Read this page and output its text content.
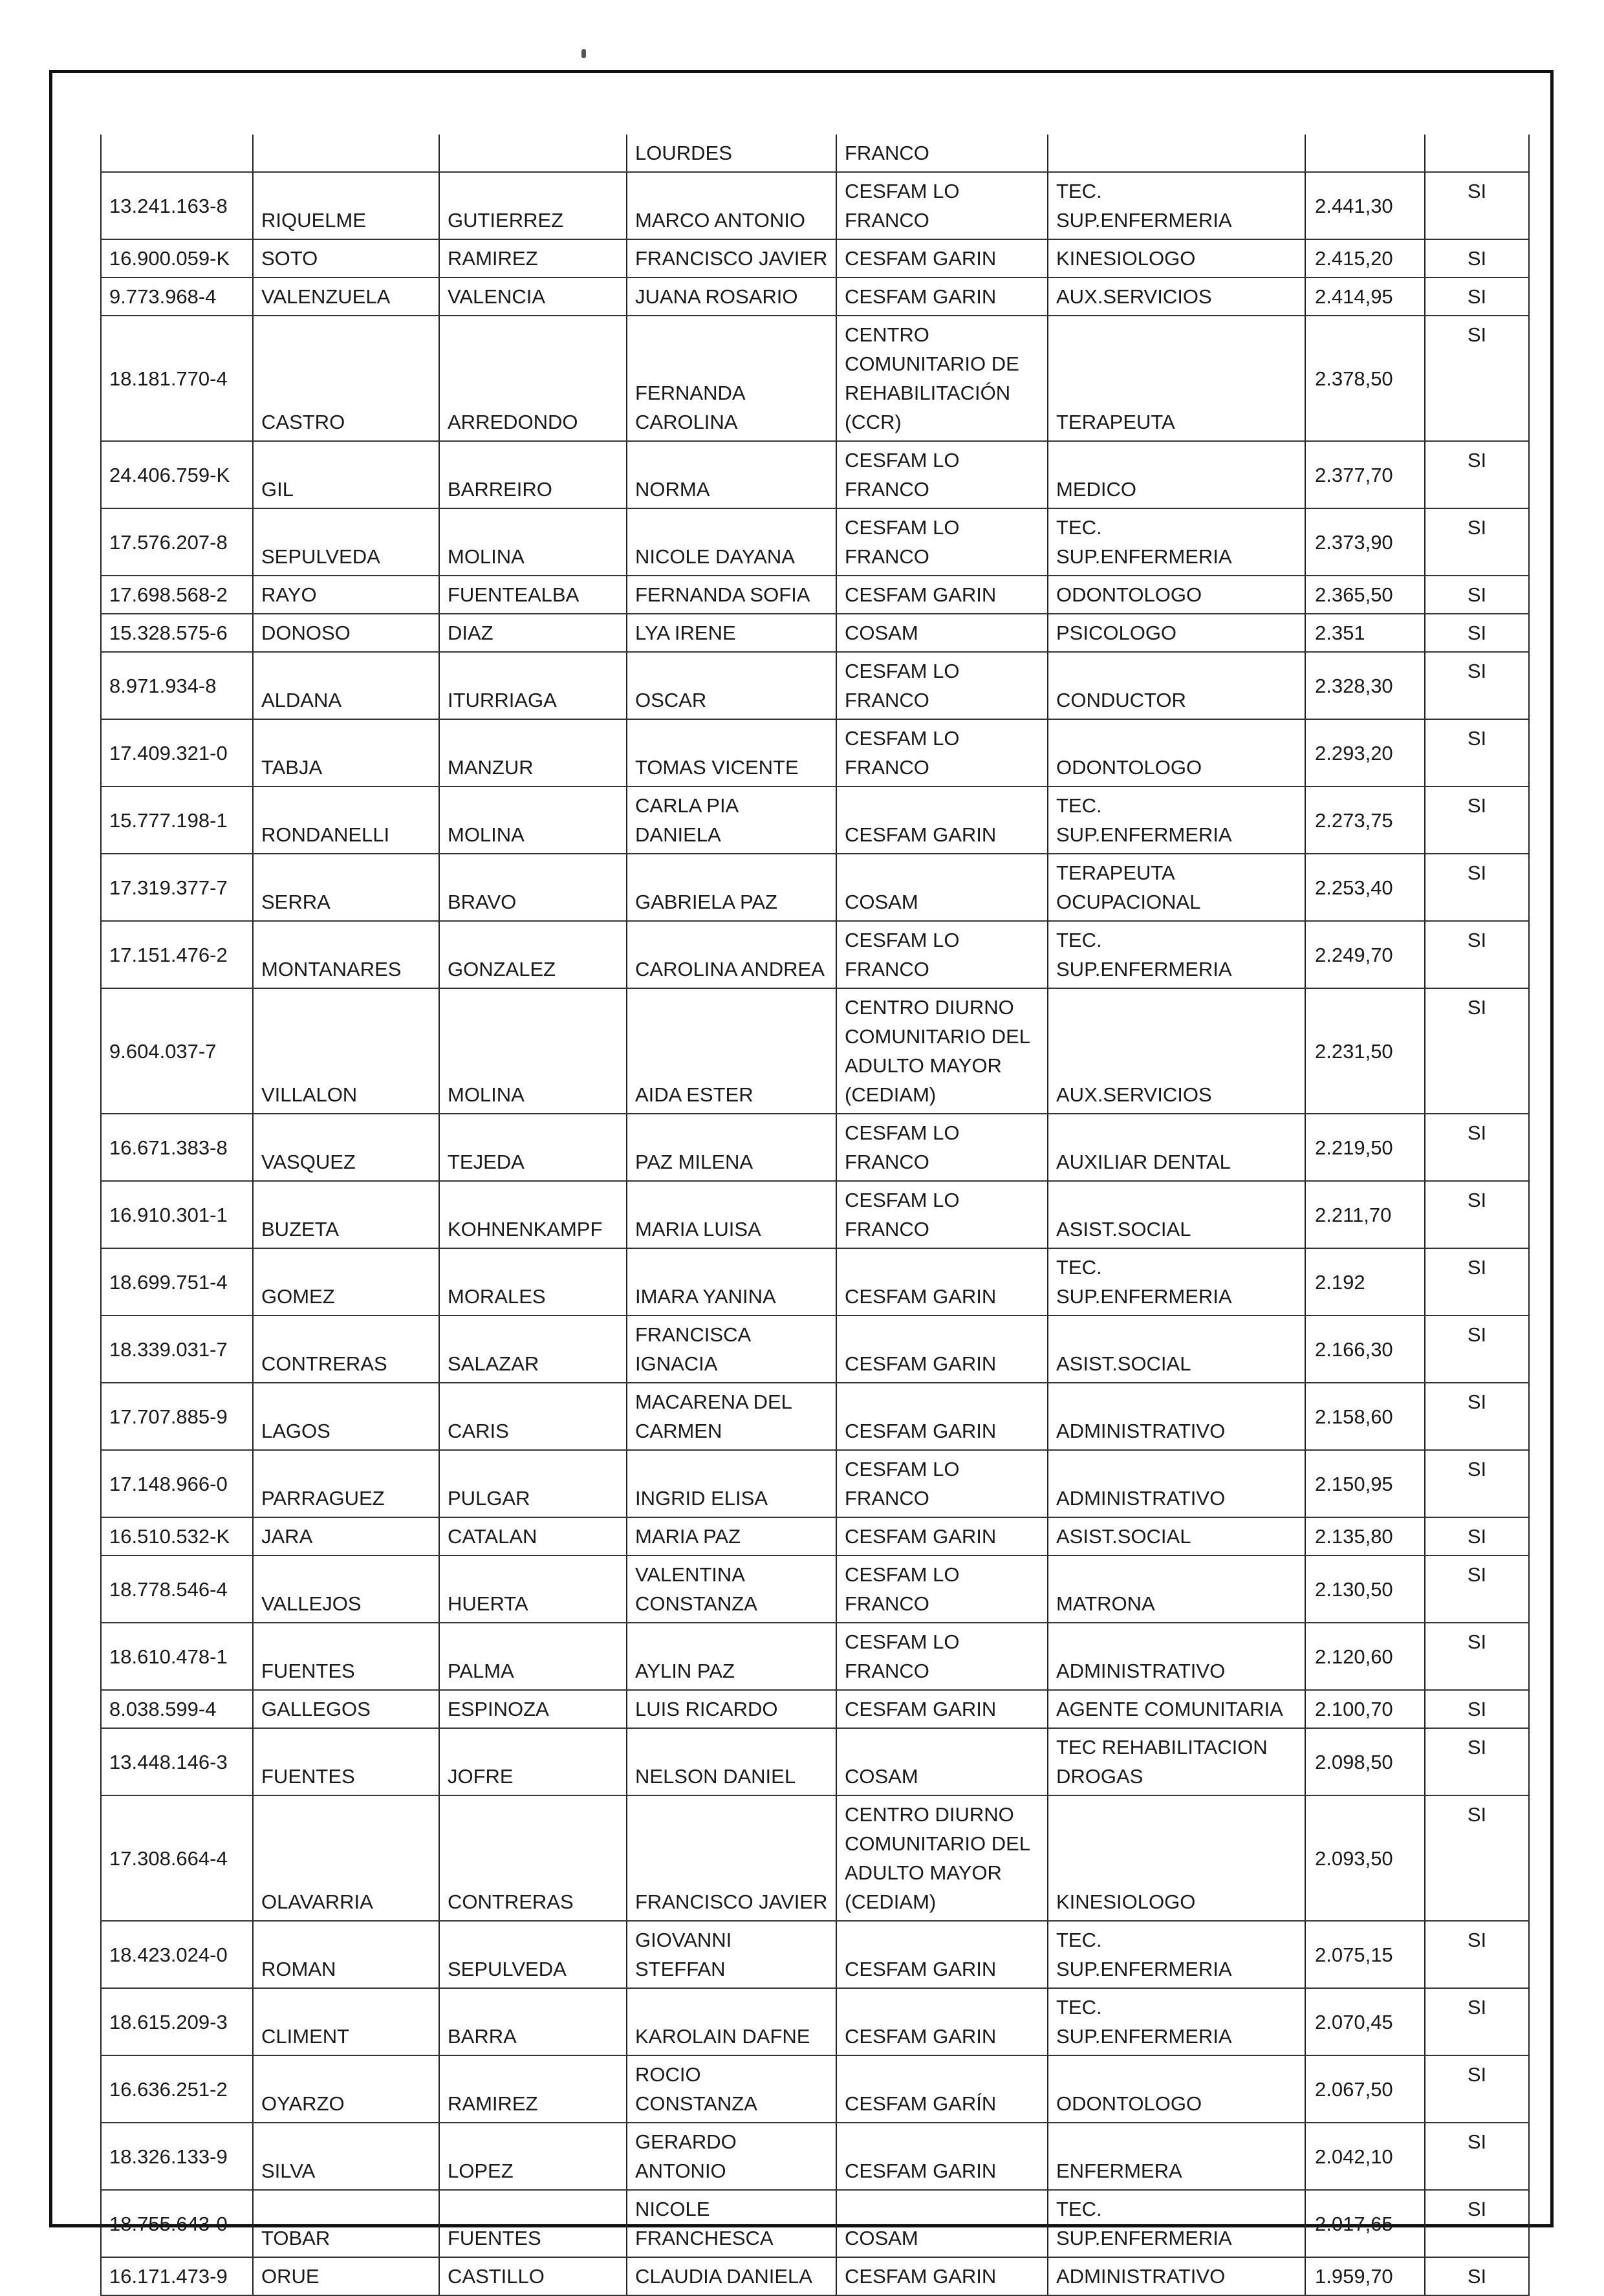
			LOURDES	FRANCO			
13.241.163-8	RIQUELME	GUTIERREZ	MARCO ANTONIO	CESFAM LO
FRANCO	TEC.
SUP.ENFERMERIA	2.441,30	SI
16.900.059-K	SOTO	RAMIREZ	FRANCISCO JAVIER	CESFAM GARIN	KINESIOLOGO	2.415,20	SI
9.773.968-4	VALENZUELA	VALENCIA	JUANA ROSARIO	CESFAM GARIN	AUX.SERVICIOS	2.414,95	SI
18.181.770-4	CASTRO	ARREDONDO	FERNANDA
CAROLINA	CENTRO
COMUNITARIO DE
REHABILITACIÓN
(CCR)	TERAPEUTA	2.378,50	SI
24.406.759-K	GIL	BARREIRO	NORMA	CESFAM LO
FRANCO	MEDICO	2.377,70	SI
17.576.207-8	SEPULVEDA	MOLINA	NICOLE DAYANA	CESFAM LO
FRANCO	TEC.
SUP.ENFERMERIA	2.373,90	SI
17.698.568-2	RAYO	FUENTEALBA	FERNANDA SOFIA	CESFAM GARIN	ODONTOLOGO	2.365,50	SI
15.328.575-6	DONOSO	DIAZ	LYA IRENE	COSAM	PSICOLOGO	2.351	SI
8.971.934-8	ALDANA	ITURRIAGA	OSCAR	CESFAM LO
FRANCO	CONDUCTOR	2.328,30	SI
17.409.321-0	TABJA	MANZUR	TOMAS VICENTE	CESFAM LO
FRANCO	ODONTOLOGO	2.293,20	SI
15.777.198-1	RONDANELLI	MOLINA	CARLA PIA
DANIELA	CESFAM GARIN	TEC.
SUP.ENFERMERIA	2.273,75	SI
17.319.377-7	SERRA	BRAVO	GABRIELA PAZ	COSAM	TERAPEUTA
OCUPACIONAL	2.253,40	SI
17.151.476-2	MONTANARES	GONZALEZ	CAROLINA ANDREA	CESFAM LO
FRANCO	TEC.
SUP.ENFERMERIA	2.249,70	SI
9.604.037-7	VILLALON	MOLINA	AIDA ESTER	CENTRO DIURNO
COMUNITARIO DEL
ADULTO MAYOR
(CEDIAM)	AUX.SERVICIOS	2.231,50	SI
16.671.383-8	VASQUEZ	TEJEDA	PAZ MILENA	CESFAM LO
FRANCO	AUXILIAR DENTAL	2.219,50	SI
16.910.301-1	BUZETA	KOHNENKAMPF	MARIA LUISA	CESFAM LO
FRANCO	ASIST.SOCIAL	2.211,70	SI
18.699.751-4	GOMEZ	MORALES	IMARA YANINA	CESFAM GARIN	TEC.
SUP.ENFERMERIA	2.192	SI
18.339.031-7	CONTRERAS	SALAZAR	FRANCISCA
IGNACIA	CESFAM GARIN	ASIST.SOCIAL	2.166,30	SI
17.707.885-9	LAGOS	CARIS	MACARENA DEL
CARMEN	CESFAM GARIN	ADMINISTRATIVO	2.158,60	SI
17.148.966-0	PARRAGUEZ	PULGAR	INGRID ELISA	CESFAM LO
FRANCO	ADMINISTRATIVO	2.150,95	SI
16.510.532-K	JARA	CATALAN	MARIA PAZ	CESFAM GARIN	ASIST.SOCIAL	2.135,80	SI
18.778.546-4	VALLEJOS	HUERTA	VALENTINA
CONSTANZA	CESFAM LO
FRANCO	MATRONA	2.130,50	SI
18.610.478-1	FUENTES	PALMA	AYLIN PAZ	CESFAM LO
FRANCO	ADMINISTRATIVO	2.120,60	SI
8.038.599-4	GALLEGOS	ESPINOZA	LUIS RICARDO	CESFAM GARIN	AGENTE COMUNITARIA	2.100,70	SI
13.448.146-3	FUENTES	JOFRE	NELSON DANIEL	COSAM	TEC REHABILITACION
DROGAS	2.098,50	SI
17.308.664-4	OLAVARRIA	CONTRERAS	FRANCISCO JAVIER	CENTRO DIURNO
COMUNITARIO DEL
ADULTO MAYOR
(CEDIAM)	KINESIOLOGO	2.093,50	SI
18.423.024-0	ROMAN	SEPULVEDA	GIOVANNI
STEFFAN	CESFAM GARIN	TEC.
SUP.ENFERMERIA	2.075,15	SI
18.615.209-3	CLIMENT	BARRA	KAROLAIN DAFNE	CESFAM GARIN	TEC.
SUP.ENFERMERIA	2.070,45	SI
16.636.251-2	OYARZO	RAMIREZ	ROCIO
CONSTANZA	CESFAM GARÍN	ODONTOLOGO	2.067,50	SI
18.326.133-9	SILVA	LOPEZ	GERARDO
ANTONIO	CESFAM GARIN	ENFERMERA	2.042,10	SI
18.755.643-0	TOBAR	FUENTES	NICOLE
FRANCHESCA	COSAM	TEC.
SUP.ENFERMERIA	2.017,65	SI
16.171.473-9	ORUE	CASTILLO	CLAUDIA DANIELA	CESFAM GARIN	ADMINISTRATIVO	1.959,70	SI
